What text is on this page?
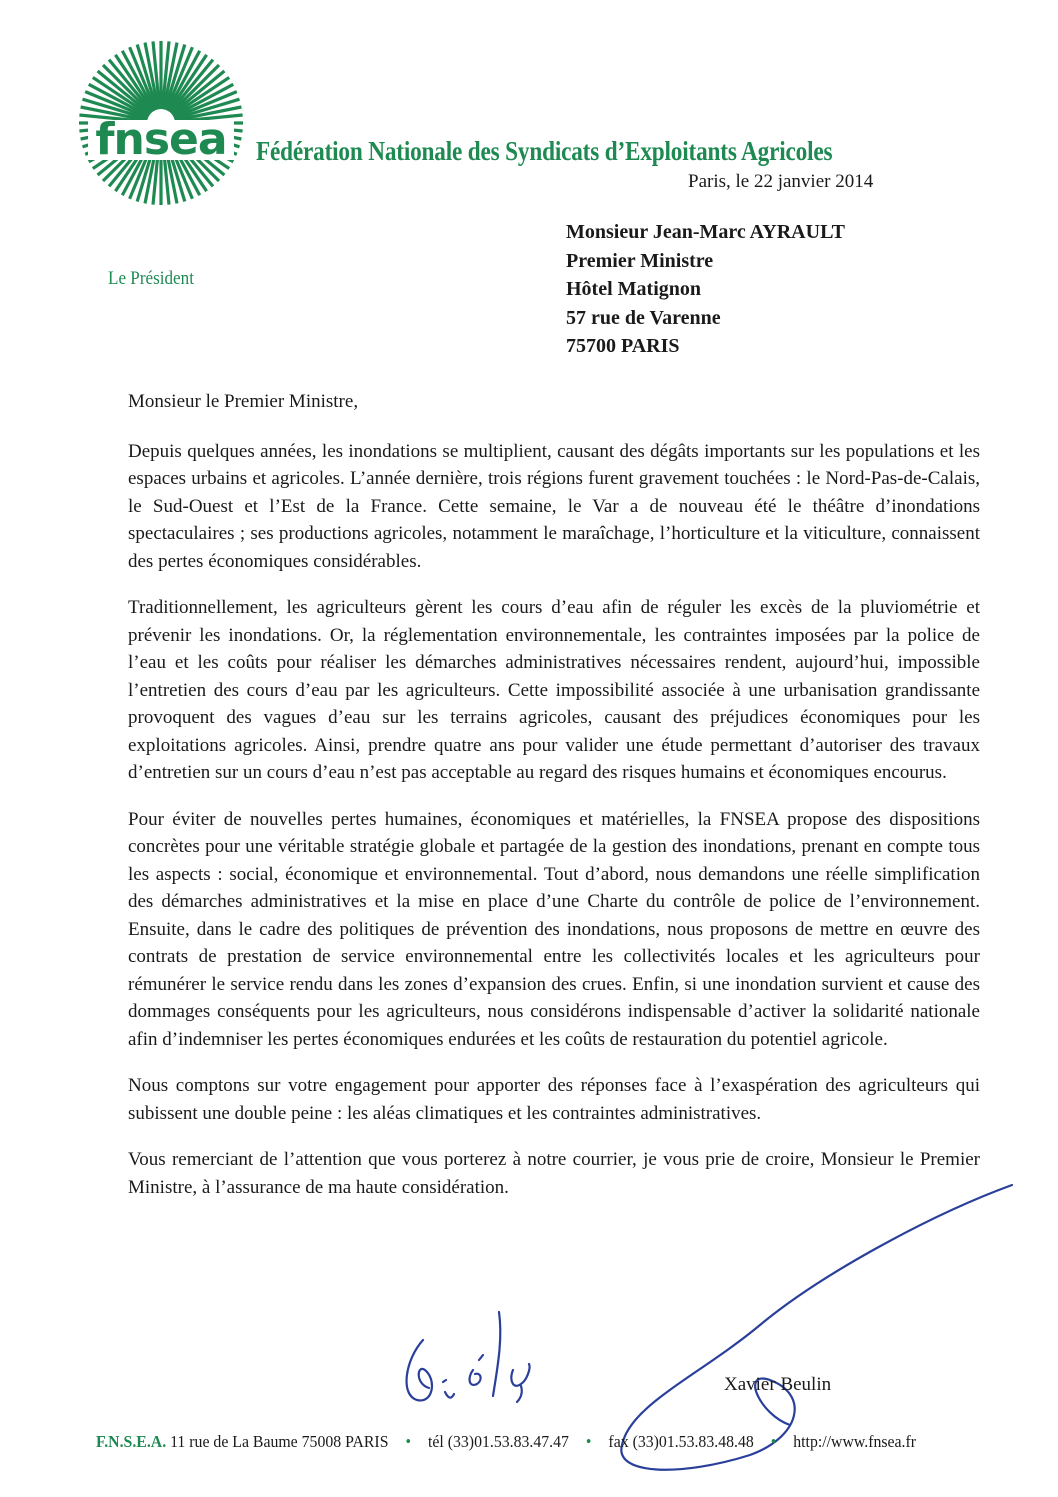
fnsea Fédération Nationale des Syndicats d’Exploitants Agricoles
Paris, le 22 janvier 2014
Le Président
Monsieur Jean-Marc AYRAULT
Premier Ministre
Hôtel Matignon
57 rue de Varenne
75700 PARIS

Monsieur le Premier Ministre,

Depuis quelques années, les inondations se multiplient, causant des dégâts importants sur les populations et les espaces urbains et agricoles. L’année dernière, trois régions furent gravement touchées : le Nord-Pas-de-Calais, le Sud-Ouest et l’Est de la France. Cette semaine, le Var a de nouveau été le théâtre d’inondations spectaculaires ; ses productions agricoles, notamment le maraîchage, l’horticulture et la viticulture, connaissent des pertes économiques considérables.

Traditionnellement, les agriculteurs gèrent les cours d’eau afin de réguler les excès de la pluviométrie et prévenir les inondations. Or, la réglementation environnementale, les contraintes imposées par la police de l’eau et les coûts pour réaliser les démarches administratives nécessaires rendent, aujourd’hui, impossible l’entretien des cours d’eau par les agriculteurs. Cette impossibilité associée à une urbanisation grandissante provoquent des vagues d’eau sur les terrains agricoles, causant des préjudices économiques pour les exploitations agricoles. Ainsi, prendre quatre ans pour valider une étude permettant d’autoriser des travaux d’entretien sur un cours d’eau n’est pas acceptable au regard des risques humains et économiques encourus.

Pour éviter de nouvelles pertes humaines, économiques et matérielles, la FNSEA propose des dispositions concrètes pour une véritable stratégie globale et partagée de la gestion des inondations, prenant en compte tous les aspects : social, économique et environnemental. Tout d’abord, nous demandons une réelle simplification des démarches administratives et la mise en place d’une Charte du contrôle de police de l’environnement. Ensuite, dans le cadre des politiques de prévention des inondations, nous proposons de mettre en œuvre des contrats de prestation de service environnemental entre les collectivités locales et les agriculteurs pour rémunérer le service rendu dans les zones d’expansion des crues. Enfin, si une inondation survient et cause des dommages conséquents pour les agriculteurs, nous considérons indispensable d’activer la solidarité nationale afin d’indemniser les pertes économiques endurées et les coûts de restauration du potentiel agricole.

Nous comptons sur votre engagement pour apporter des réponses face à l’exaspération des agriculteurs qui subissent une double peine : les aléas climatiques et les contraintes administratives.

Vous remerciant de l’attention que vous porterez à notre courrier, je vous prie de croire, Monsieur le Premier Ministre, à l’assurance de ma haute considération.

Xavier Beulin
F.N.S.E.A. 11 rue de La Baume 75008 PARIS • tél (33)01.53.83.47.47 • fax (33)01.53.83.48.48 • http://www.fnsea.fr
